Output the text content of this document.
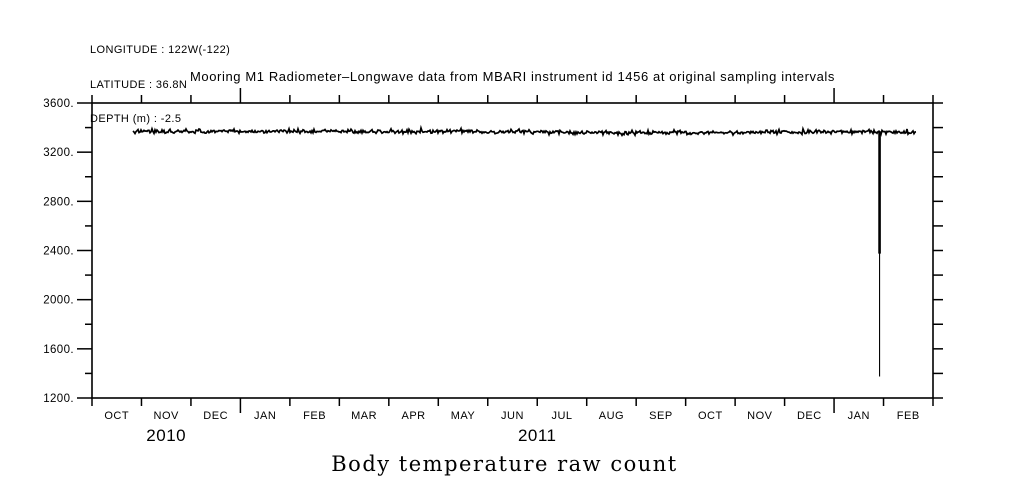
LONGITUDE : 122W(-122)

LATITUDE : 36.8N

DEPTH (m) : -2.5

Mooring M1 Radiometer–Longwave data from MBARI instrument id 1456 at original sampling intervals
3600.
3200.
2800.
2400.
2000.
1600.
1200.
OCT NOV DEC JAN FEB MAR APR MAY JUN JUL AUG SEP OCT NOV DEC JAN FEB
2010	2011
Body temperature raw count
